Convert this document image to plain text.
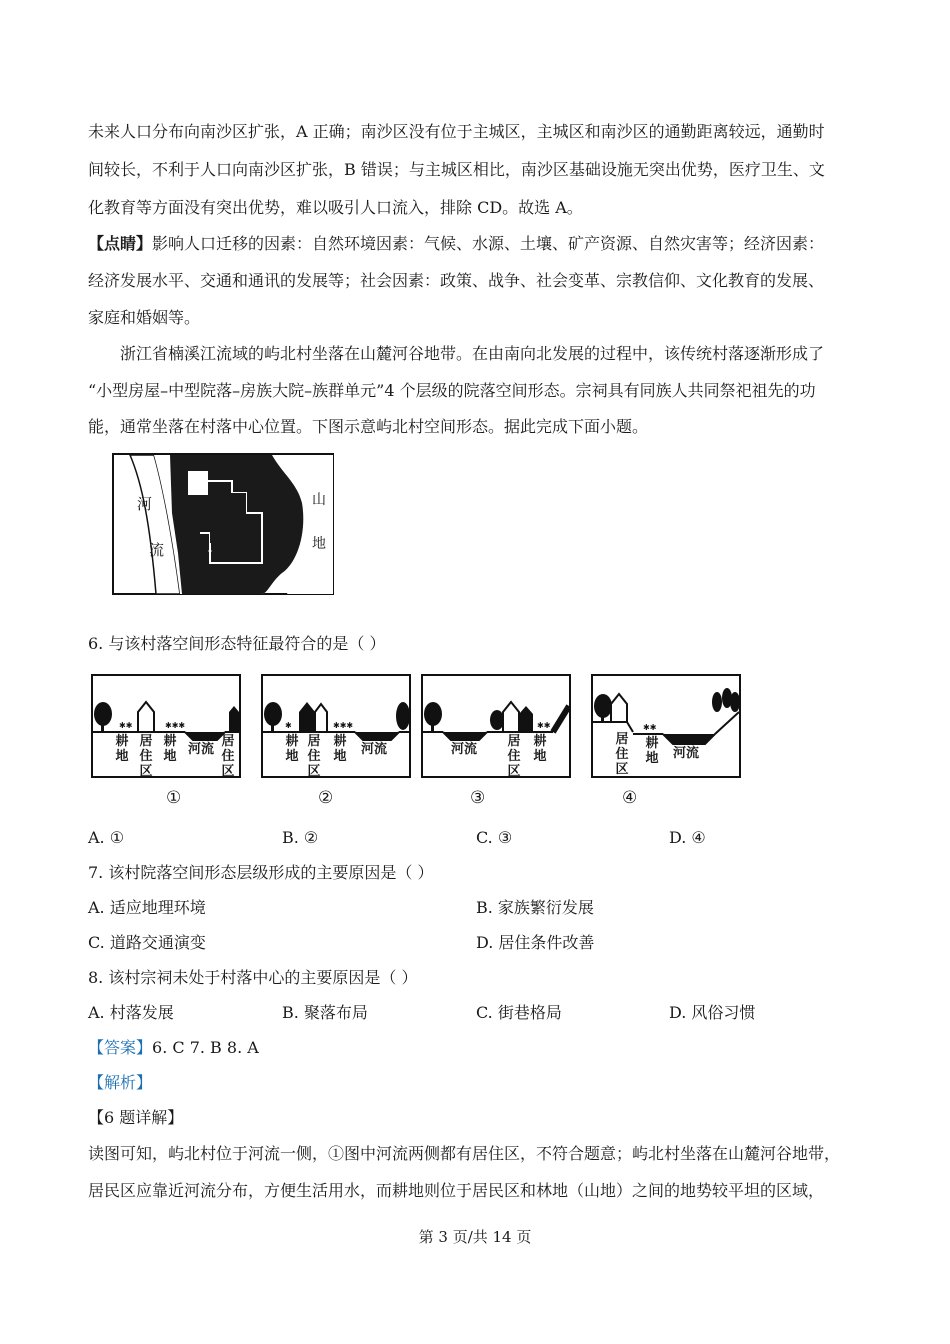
未来人口分布向南沙区扩张，A 正确；南沙区没有位于主城区，主城区和南沙区的通勤距离较远，通勤时
间较长，不利于人口向南沙区扩张，B 错误；与主城区相比，南沙区基础设施无突出优势，医疗卫生、文
化教育等方面没有突出优势，难以吸引人口流入，排除 CD。故选 A。
【点睛】影响人口迁移的因素：自然环境因素：气候、水源、土壤、矿产资源、自然灾害等；经济因素：
经济发展水平、交通和通讯的发展等；社会因素：政策、战争、社会变革、宗教信仰、文化教育的发展、
家庭和婚姻等。
浙江省楠溪江流域的屿北村坐落在山麓河谷地带。在由南向北发展的过程中，该传统村落逐渐形成了
“小型房屋–中型院落–房族大院–族群单元”4 个层级的院落空间形态。宗祠具有同族人共同祭祀祖先的功
能，通常坐落在村落中心位置。下图示意屿北村空间形态。据此完成下面小题。
河
流
山
地
6. 与该村落空间形态特征最符合的是（ ）
✱✱	✱✱✱
耕地
居住区
耕地 河流
居住区
✱	✱✱✱
耕地
居住区
耕地 河流
✱✱
河流
居住区
耕地
✱✱
居住区
耕地	河流
①	②	③	④
A. ①	B. ②	C. ③	D. ④
7. 该村院落空间形态层级形成的主要原因是（ ）
A. 适应地理环境	B. 家族繁衍发展
C. 道路交通演变	D. 居住条件改善
8. 该村宗祠未处于村落中心的主要原因是（ ）
A. 村落发展	B. 聚落布局	C. 街巷格局	D. 风俗习惯
【答案】6. C 7. B 8. A
【解析】
【6 题详解】
读图可知，屿北村位于河流一侧，①图中河流两侧都有居住区，不符合题意；屿北村坐落在山麓河谷地带，
居民区应靠近河流分布，方便生活用水，而耕地则位于居民区和林地（山地）之间的地势较平坦的区域，
第 3 页/共 14 页
